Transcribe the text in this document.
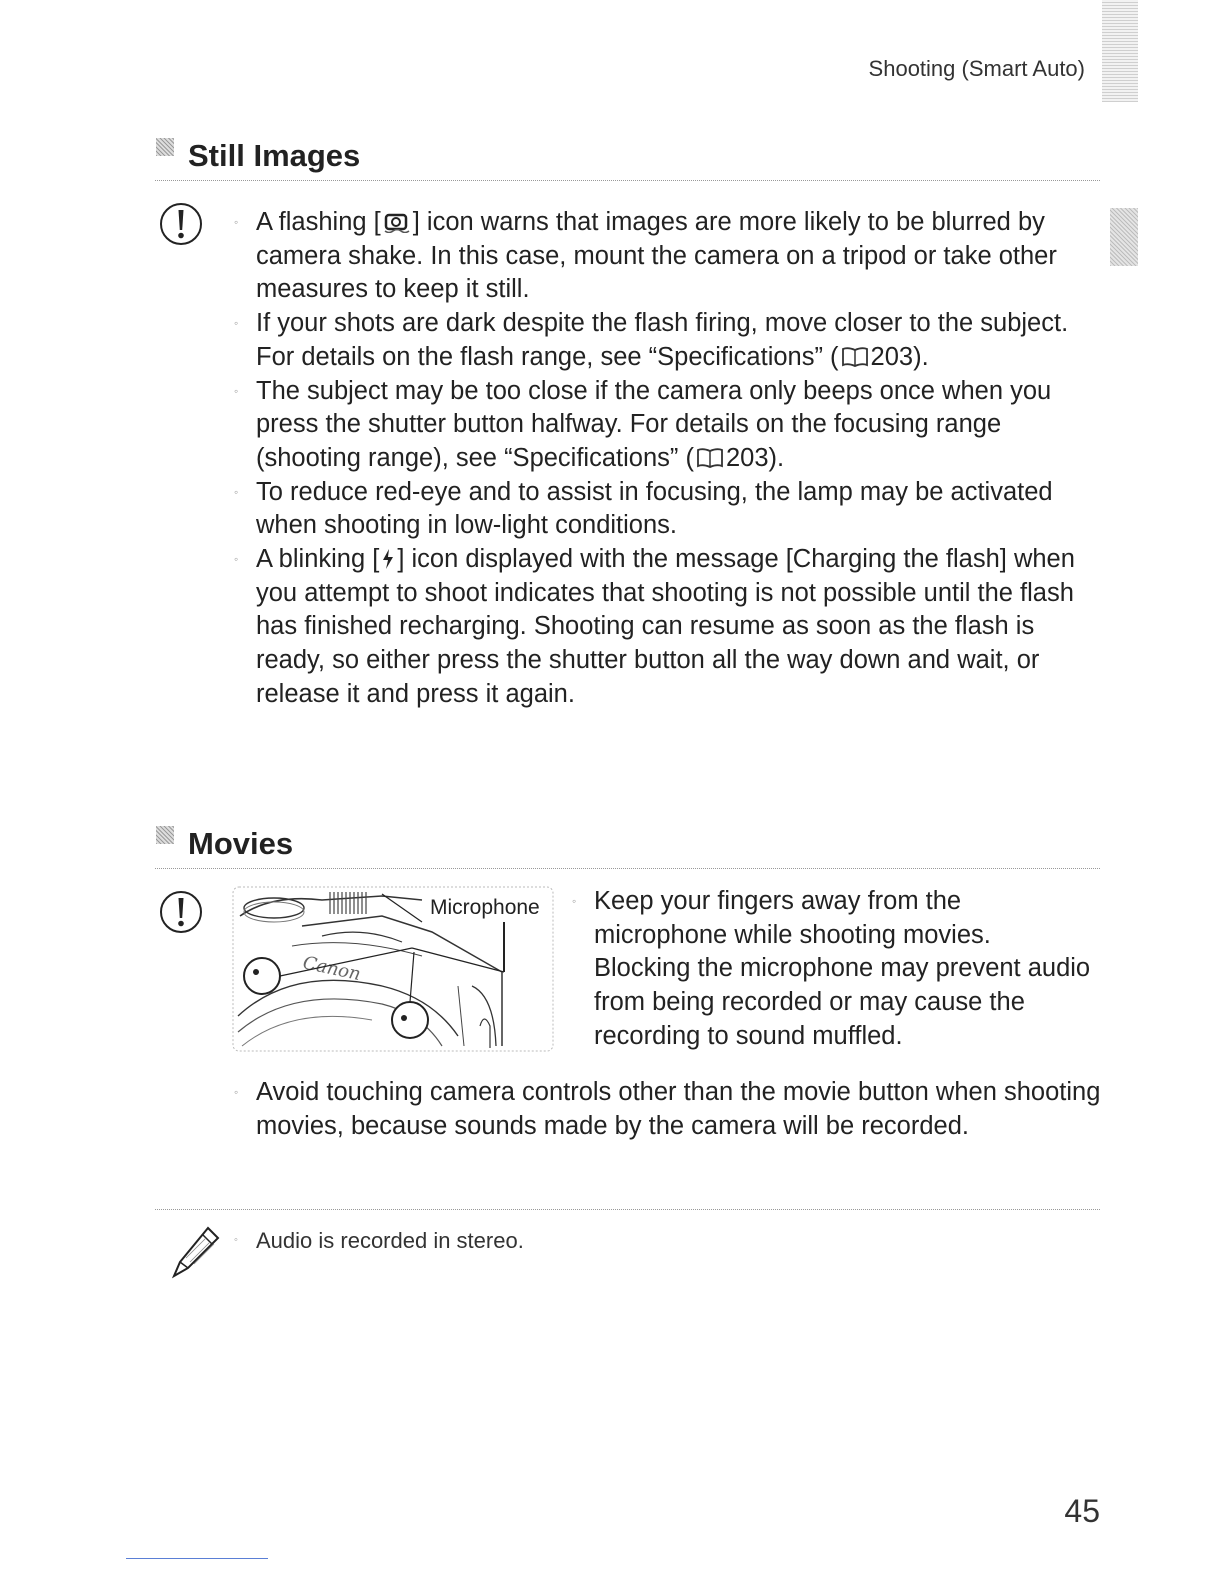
Shooting (Smart Auto)
Still Images
◦ A flashing [ ] icon warns that images are more likely to be blurred by camera shake. In this case, mount the camera on a tripod or take other measures to keep it still.
◦ If your shots are dark despite the flash firing, move closer to the subject. For details on the flash range, see “Specifications” ( 203).
◦ The subject may be too close if the camera only beeps once when you press the shutter button halfway. For details on the focusing range (shooting range), see “Specifications” ( 203).
◦ To reduce red-eye and to assist in focusing, the lamp may be activated when shooting in low-light conditions.
◦ A blinking [ ] icon displayed with the message [Charging the flash] when you attempt to shoot indicates that shooting is not possible until the flash has finished recharging. Shooting can resume as soon as the flash is ready, so either press the shutter button all the way down and wait, or release it and press it again.
Movies
Canon
Microphone ◦ Keep your fingers away from the microphone while shooting movies. Blocking the microphone may prevent audio from being recorded or may cause the recording to sound muffled.
◦ Avoid touching camera controls other than the movie button when shooting movies, because sounds made by the camera will be recorded.
◦ Audio is recorded in stereo.
45
